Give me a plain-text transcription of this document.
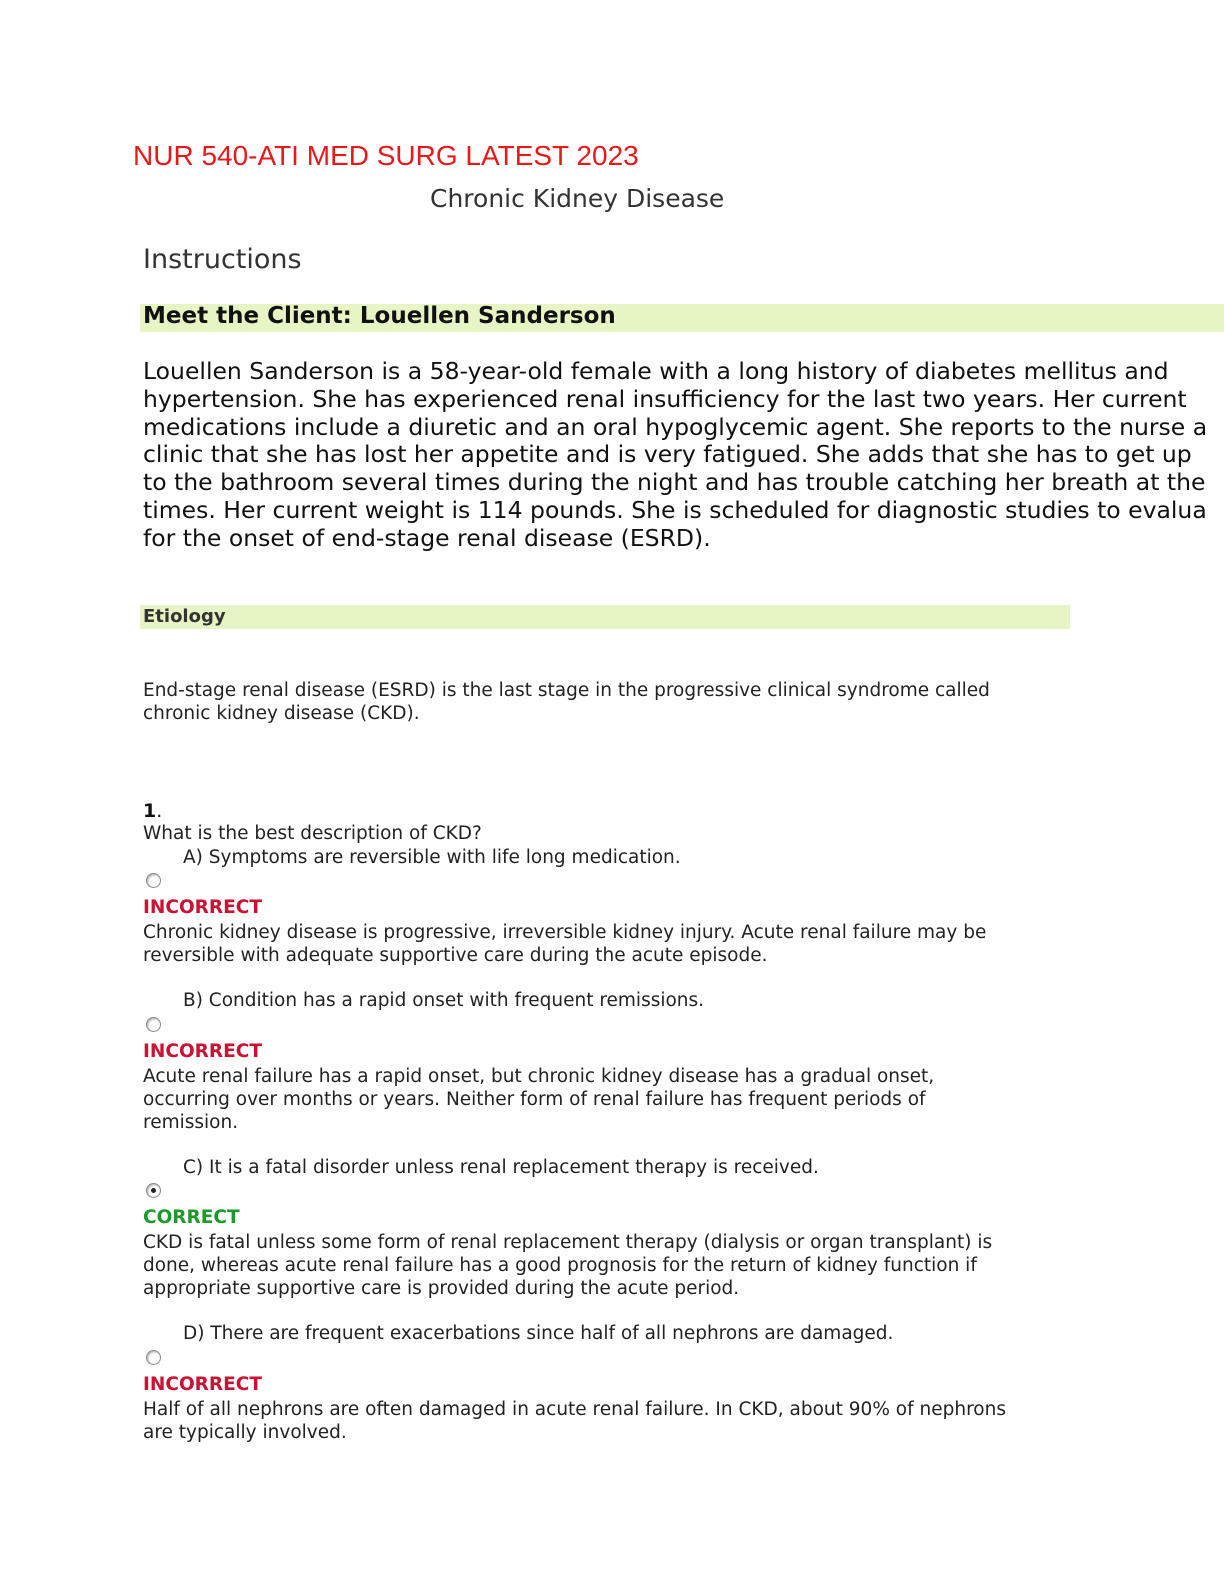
NUR 540-ATI MED SURG LATEST 2023
Chronic Kidney Disease
Instructions
Meet the Client: Louellen Sanderson
Louellen Sanderson is a 58-year-old female with a long history of diabetes mellitus and
hypertension. She has experienced renal insufficiency for the last two years. Her current
medications include a diuretic and an oral hypoglycemic agent. She reports to the nurse a
clinic that she has lost her appetite and is very fatigued. She adds that she has to get up
to the bathroom several times during the night and has trouble catching her breath at the
times. Her current weight is 114 pounds. She is scheduled for diagnostic studies to evalua
for the onset of end-stage renal disease (ESRD).
Etiology
End-stage renal disease (ESRD) is the last stage in the progressive clinical syndrome called
chronic kidney disease (CKD).
1.
What is the best description of CKD?
A) Symptoms are reversible with life long medication.
INCORRECT
Chronic kidney disease is progressive, irreversible kidney injury. Acute renal failure may be
reversible with adequate supportive care during the acute episode.
B) Condition has a rapid onset with frequent remissions.
INCORRECT
Acute renal failure has a rapid onset, but chronic kidney disease has a gradual onset,
occurring over months or years. Neither form of renal failure has frequent periods of
remission.
C) It is a fatal disorder unless renal replacement therapy is received.
CORRECT
CKD is fatal unless some form of renal replacement therapy (dialysis or organ transplant) is
done, whereas acute renal failure has a good prognosis for the return of kidney function if
appropriate supportive care is provided during the acute period.
D) There are frequent exacerbations since half of all nephrons are damaged.
INCORRECT
Half of all nephrons are often damaged in acute renal failure. In CKD, about 90% of nephrons
are typically involved.
